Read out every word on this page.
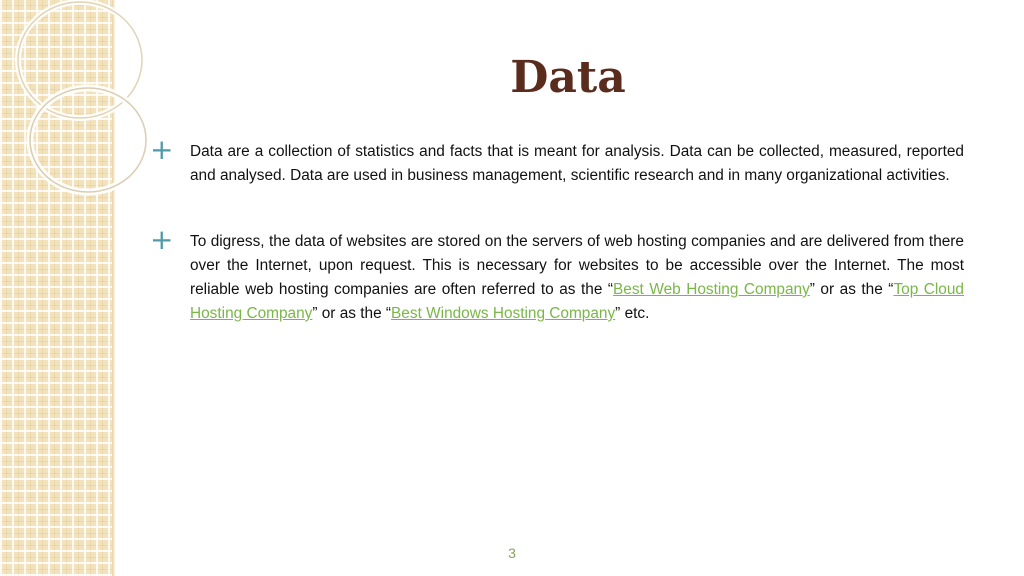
Data
+ Data are a collection of statistics and facts that is meant for analysis. Data can be collected, measured, reported and analysed. Data are used in business management, scientific research and in many organizational activities.
+ To digress, the data of websites are stored on the servers of web hosting companies and are delivered from there over the Internet, upon request. This is necessary for websites to be accessible over the Internet. The most reliable web hosting companies are often referred to as the “Best Web Hosting Company” or as the “Top Cloud Hosting Company” or as the “Best Windows Hosting Company” etc.
3
